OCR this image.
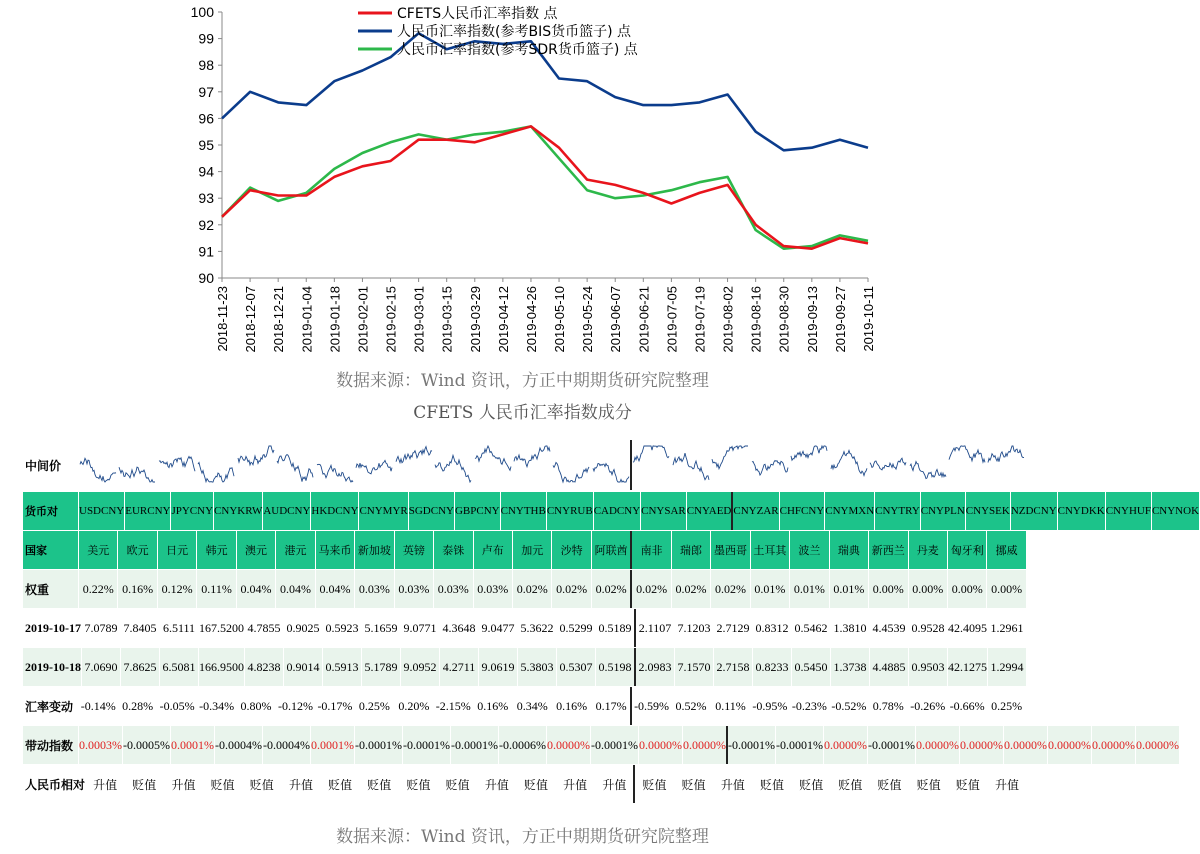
90
91
92
93
94
95
96
97
98
99
100
2018-11-23 2018-12-07 2018-12-21 2019-01-04 2019-01-18 2019-02-01 2019-02-15 2019-03-01 2019-03-15 2019-03-29 2019-04-12 2019-04-26 2019-05-10 2019-05-24 2019-06-07 2019-06-21 2019-07-05 2019-07-19 2019-08-02 2019-08-16 2019-08-30 2019-09-13 2019-09-27 2019-10-11
CFETS人民币汇率指数 点
人民币汇率指数(参考BIS货币篮子) 点
人民币汇率指数(参考SDR货币篮子) 点
数据来源：Wind 资讯，方正中期期货研究院整理
CFETS 人民币汇率指数成分
中间价
货币对	USDCNY EURCNY JPYCNY CNYKRW AUDCNY HKDCNY CNYMYR SGDCNY GBPCNY CNYTHB CNYRUB CADCNY CNYSAR CNYAED CNYZAR CHFCNY CNYMXN CNYTRY CNYPLN CNYSEK NZDCNY CNYDKK CNYHUF CNYNOK
国家	美元	欧元	日元	韩元	澳元	港元	马来币 新加坡	英镑	泰铢	卢布	加元	沙特	阿联酋	南非	瑞郎	墨西哥 土耳其	波兰	瑞典	新西兰	丹麦	匈牙利	挪威
权重	0.22% 0.16% 0.12% 0.11% 0.04% 0.04% 0.04% 0.03% 0.03% 0.03% 0.03% 0.02% 0.02% 0.02% 0.02% 0.02% 0.02% 0.01% 0.01% 0.01% 0.00% 0.00% 0.00% 0.00%
2019-10-17 7.0789 7.8405 6.5111 167.5200 4.7855 0.9025 0.5923 5.1659 9.0771 4.3648 9.0477 5.3622 0.5299 0.5189 2.1107 7.1203 2.7129 0.8312 0.5462 1.3810 4.4539 0.9528 42.4095 1.2961
2019-10-18 7.0690 7.8625 6.5081 166.9500 4.8238 0.9014 0.5913 5.1789 9.0952 4.2711 9.0619 5.3803 0.5307 0.5198 2.0983 7.1570 2.7158 0.8233 0.5450 1.3738 4.4885 0.9503 42.1275 1.2994
汇率变动 -0.14% 0.28% -0.05% -0.34% 0.80% -0.12% -0.17% 0.25% 0.20% -2.15% 0.16% 0.34% 0.16% 0.17% -0.59% 0.52% 0.11% -0.95% -0.23% -0.52% 0.78% -0.26% -0.66% 0.25%
带动指数 0.0003% -0.0005% 0.0001% -0.0004% -0.0004% 0.0001% -0.0001% -0.0001% -0.0001% -0.0006% 0.0000% -0.0001% 0.0000% 0.0000% -0.0001% -0.0001% 0.0000% -0.0001% 0.0000% 0.0000% 0.0000% 0.0000% 0.0000% 0.0000%
人民币相对 升值	贬值	升值	贬值	贬值	升值	贬值	贬值	贬值	贬值	升值	贬值	升值	升值	贬值	贬值	升值	贬值	贬值	贬值	贬值	贬值	贬值	升值
数据来源：Wind 资讯，方正中期期货研究院整理
